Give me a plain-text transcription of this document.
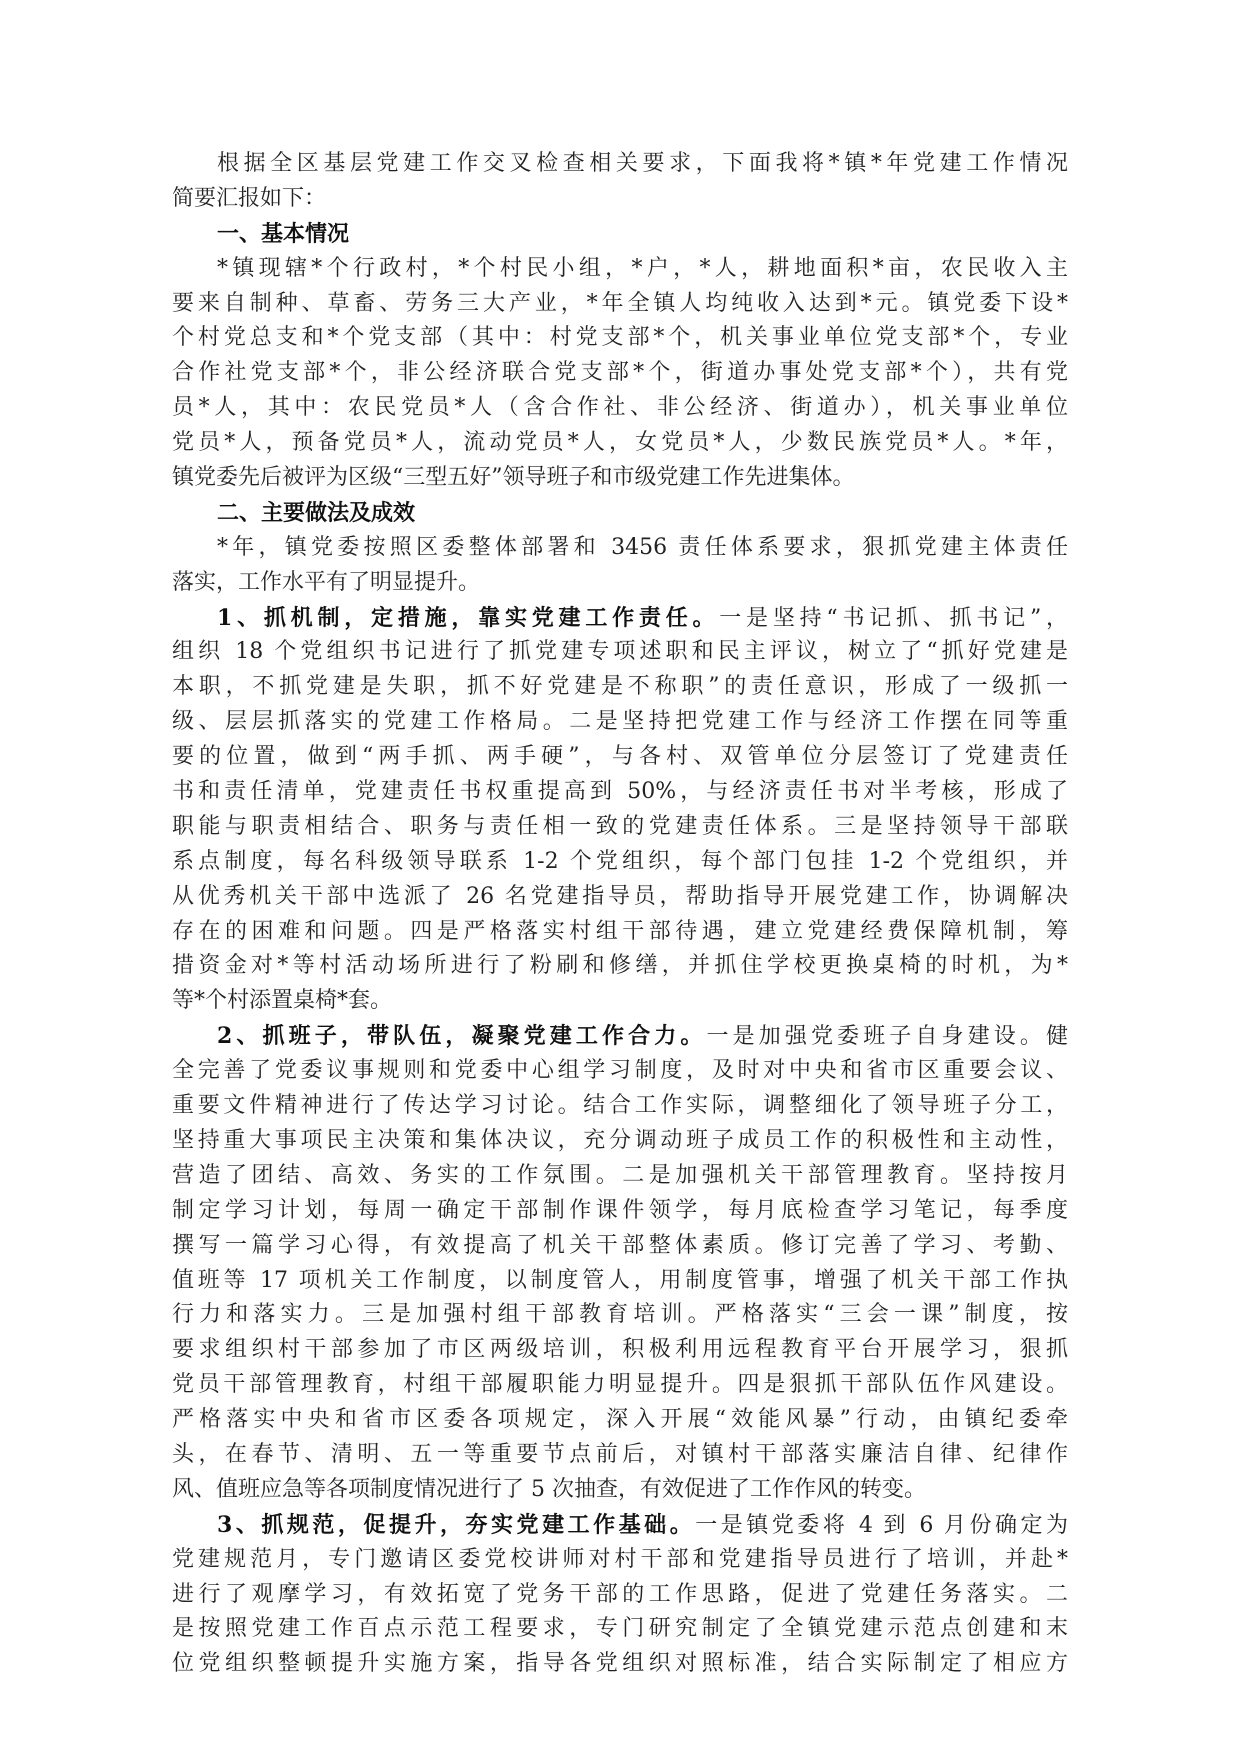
根据全区基层党建工作交叉检查相关要求，下面我将*镇*年党建工作情况
简要汇报如下：
一、基本情况
*镇现辖*个行政村，*个村民小组，*户，*人，耕地面积*亩，农民收入主
要来自制种、草畜、劳务三大产业，*年全镇人均纯收入达到*元。镇党委下设*
个村党总支和*个党支部（其中：村党支部*个，机关事业单位党支部*个，专业
合作社党支部*个，非公经济联合党支部*个，街道办事处党支部*个），共有党
员*人，其中：农民党员*人（含合作社、非公经济、街道办），机关事业单位
党员*人，预备党员*人，流动党员*人，女党员*人，少数民族党员*人。*年，
镇党委先后被评为区级“三型五好”领导班子和市级党建工作先进集体。
二、主要做法及成效
*年，镇党委按照区委整体部署和 3456 责任体系要求，狠抓党建主体责任
落实，工作水平有了明显提升。
1、抓机制，定措施，靠实党建工作责任。一是坚持“书记抓、抓书记”，
组织 18 个党组织书记进行了抓党建专项述职和民主评议，树立了“抓好党建是
本职，不抓党建是失职，抓不好党建是不称职”的责任意识，形成了一级抓一
级、层层抓落实的党建工作格局。二是坚持把党建工作与经济工作摆在同等重
要的位置，做到“两手抓、两手硬”，与各村、双管单位分层签订了党建责任
书和责任清单，党建责任书权重提高到 50%，与经济责任书对半考核，形成了
职能与职责相结合、职务与责任相一致的党建责任体系。三是坚持领导干部联
系点制度，每名科级领导联系 1-2 个党组织，每个部门包挂 1-2 个党组织，并
从优秀机关干部中选派了 26 名党建指导员，帮助指导开展党建工作，协调解决
存在的困难和问题。四是严格落实村组干部待遇，建立党建经费保障机制，筹
措资金对*等村活动场所进行了粉刷和修缮，并抓住学校更换桌椅的时机，为*
等*个村添置桌椅*套。
2、抓班子，带队伍，凝聚党建工作合力。一是加强党委班子自身建设。健
全完善了党委议事规则和党委中心组学习制度，及时对中央和省市区重要会议、
重要文件精神进行了传达学习讨论。结合工作实际，调整细化了领导班子分工，
坚持重大事项民主决策和集体决议，充分调动班子成员工作的积极性和主动性，
营造了团结、高效、务实的工作氛围。二是加强机关干部管理教育。坚持按月
制定学习计划，每周一确定干部制作课件领学，每月底检查学习笔记，每季度
撰写一篇学习心得，有效提高了机关干部整体素质。修订完善了学习、考勤、
值班等 17 项机关工作制度，以制度管人，用制度管事，增强了机关干部工作执
行力和落实力。三是加强村组干部教育培训。严格落实“三会一课”制度，按
要求组织村干部参加了市区两级培训，积极利用远程教育平台开展学习，狠抓
党员干部管理教育，村组干部履职能力明显提升。四是狠抓干部队伍作风建设。
严格落实中央和省市区委各项规定，深入开展“效能风暴”行动，由镇纪委牵
头，在春节、清明、五一等重要节点前后，对镇村干部落实廉洁自律、纪律作
风、值班应急等各项制度情况进行了 5 次抽查，有效促进了工作作风的转变。
3、抓规范，促提升，夯实党建工作基础。一是镇党委将 4 到 6 月份确定为
党建规范月，专门邀请区委党校讲师对村干部和党建指导员进行了培训，并赴*
进行了观摩学习，有效拓宽了党务干部的工作思路，促进了党建任务落实。二
是按照党建工作百点示范工程要求，专门研究制定了全镇党建示范点创建和末
位党组织整顿提升实施方案，指导各党组织对照标准，结合实际制定了相应方
